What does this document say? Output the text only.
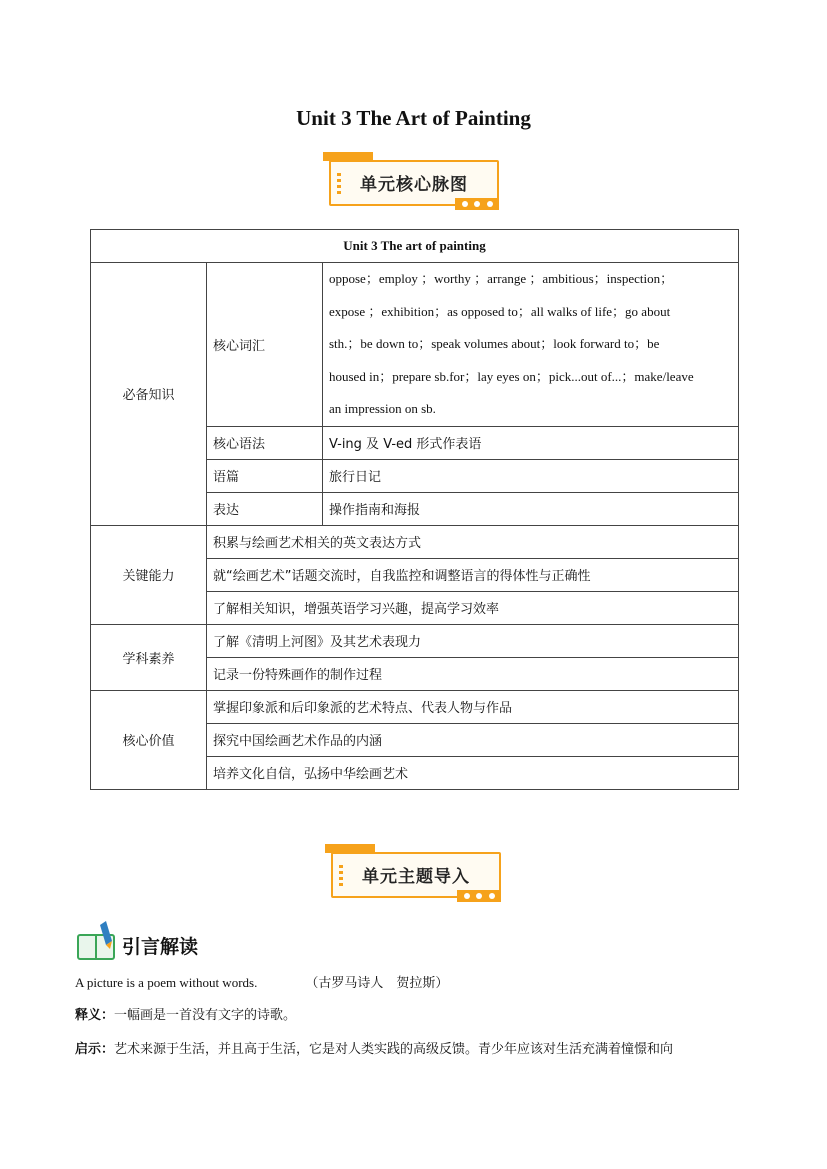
Unit 3 The Art of Painting
单元核心脉图
Unit 3 The art of painting		
必备知识	核心词汇	oppose；employ ；worthy ；arrange ；ambitious；inspection；
expose ；exhibition；as opposed to；all walks of life；go about
sth.；be down to；speak volumes about；look forward to；be
housed in；prepare sb.for；lay eyes on；pick...out of...；make/leave
an impression on sb.

	核心语法	V-ing 及 V-ed 形式作表语
	语篇	旅行日记
	表达	操作指南和海报
关键能力	积累与绘画艺术相关的英文表达方式	
	就“绘画艺术”话题交流时，自我监控和调整语言的得体性与正确性	
	了解相关知识，增强英语学习兴趣，提高学习效率	
学科素养	了解《清明上河图》及其艺术表现力	
	记录一份特殊画作的制作过程	
核心价值	掌握印象派和后印象派的艺术特点、代表人物与作品	
	探究中国绘画艺术作品的内涵	
	培养文化自信，弘扬中华绘画艺术	
单元主题导入
引言解读
A picture is a poem without words.	（古罗马诗人　贺拉斯）
释义：一幅画是一首没有文字的诗歌。
启示：艺术来源于生活，并且高于生活，它是对人类实践的高级反馈。青少年应该对生活充满着憧憬和向
